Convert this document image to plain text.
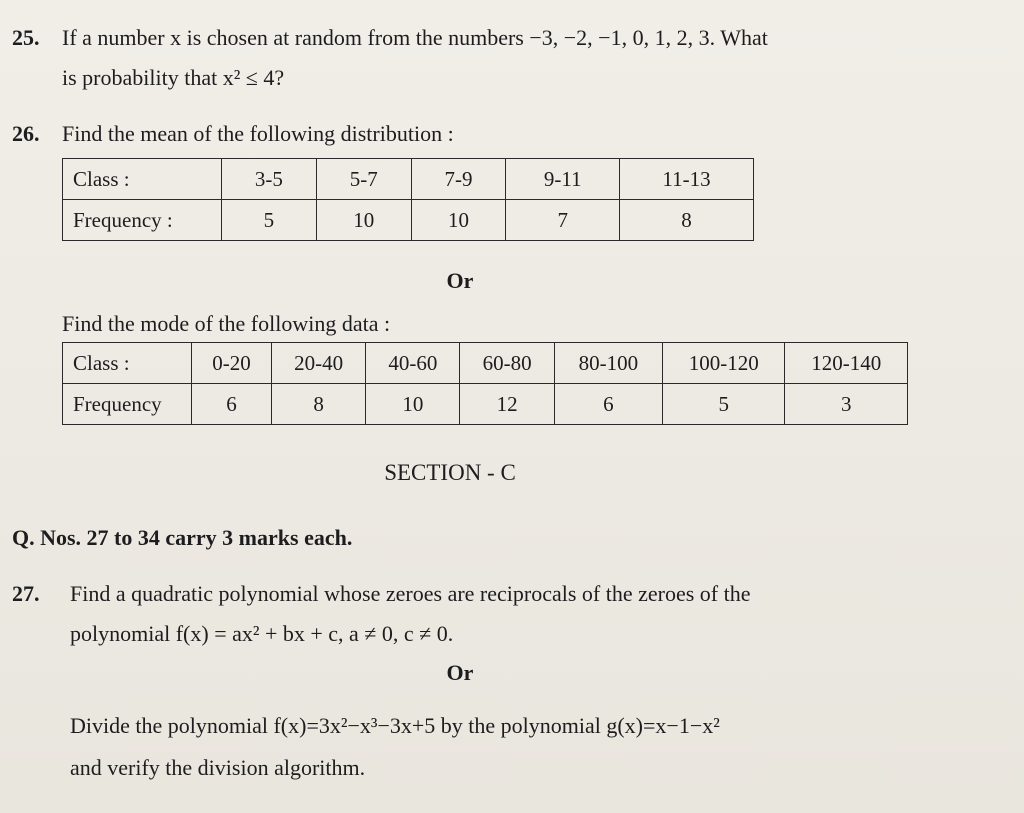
25. If a number x is chosen at random from the numbers −3, −2, −1, 0, 1, 2, 3. What
is probability that x² ≤ 4?
26. Find the mean of the following distribution :
Class :	3-5	5-7	7-9	9-11	11-13
Frequency :	5	10	10	7	8
Or
Find the mode of the following data :
Class :	0-20	20-40	40-60	60-80	80-100	100-120	120-140
Frequency	6	8	10	12	6	5	3
SECTION - C
Q. Nos. 27 to 34 carry 3 marks each.
27. Find a quadratic polynomial whose zeroes are reciprocals of the zeroes of the
polynomial f(x) = ax² + bx + c, a ≠ 0, c ≠ 0.
Or
Divide the polynomial f(x)=3x²−x³−3x+5 by the polynomial g(x)=x−1−x²
and verify the division algorithm.
